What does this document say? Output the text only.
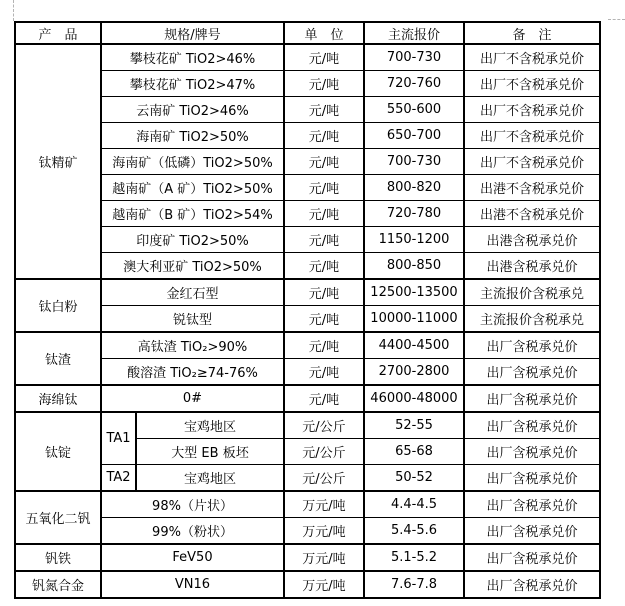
产　品	规格/牌号		单　位	主流报价	备　注
钛精矿	攀枝花矿 TiO2>46%		元/吨	700-730	出厂不含税承兑价
	攀枝花矿 TiO2>47%		元/吨	720-760	出厂不含税承兑价
	云南矿 TiO2>46%		元/吨	550-600	出厂不含税承兑价
	海南矿 TiO2>50%		元/吨	650-700	出厂不含税承兑价
	海南矿（低磷）TiO2>50%		元/吨	700-730	出厂不含税承兑价
	越南矿（A 矿）TiO2>50%		元/吨	800-820	出港不含税承兑价
	越南矿（B 矿）TiO2>54%		元/吨	720-780	出港不含税承兑价
	印度矿 TiO2>50%		元/吨	1150-1200	出港含税承兑价
	澳大利亚矿 TiO2>50%		元/吨	800-850	出港含税承兑价
钛白粉	金红石型		元/吨	12500-13500	主流报价含税承兑
	锐钛型		元/吨	10000-11000	主流报价含税承兑
钛渣	高钛渣 TiO₂>90%		元/吨	4400-4500	出厂含税承兑价
	酸溶渣 TiO₂≥74-76%		元/吨	2700-2800	出厂含税承兑价
海绵钛	0#		元/吨	46000-48000	出厂含税承兑价
钛锭	TA1	宝鸡地区	元/公斤	52-55	出厂含税承兑价
		大型 EB 板坯	元/公斤	65-68	出厂含税承兑价
	TA2	宝鸡地区	元/公斤	50-52	出厂含税承兑价
五氧化二钒	98%（片状）		万元/吨	4.4-4.5	出厂含税承兑价
	99%（粉状）		万元/吨	5.4-5.6	出厂含税承兑价
钒铁	FeV50		万元/吨	5.1-5.2	出厂含税承兑价
钒氮合金	VN16		万元/吨	7.6-7.8	出厂含税承兑价
